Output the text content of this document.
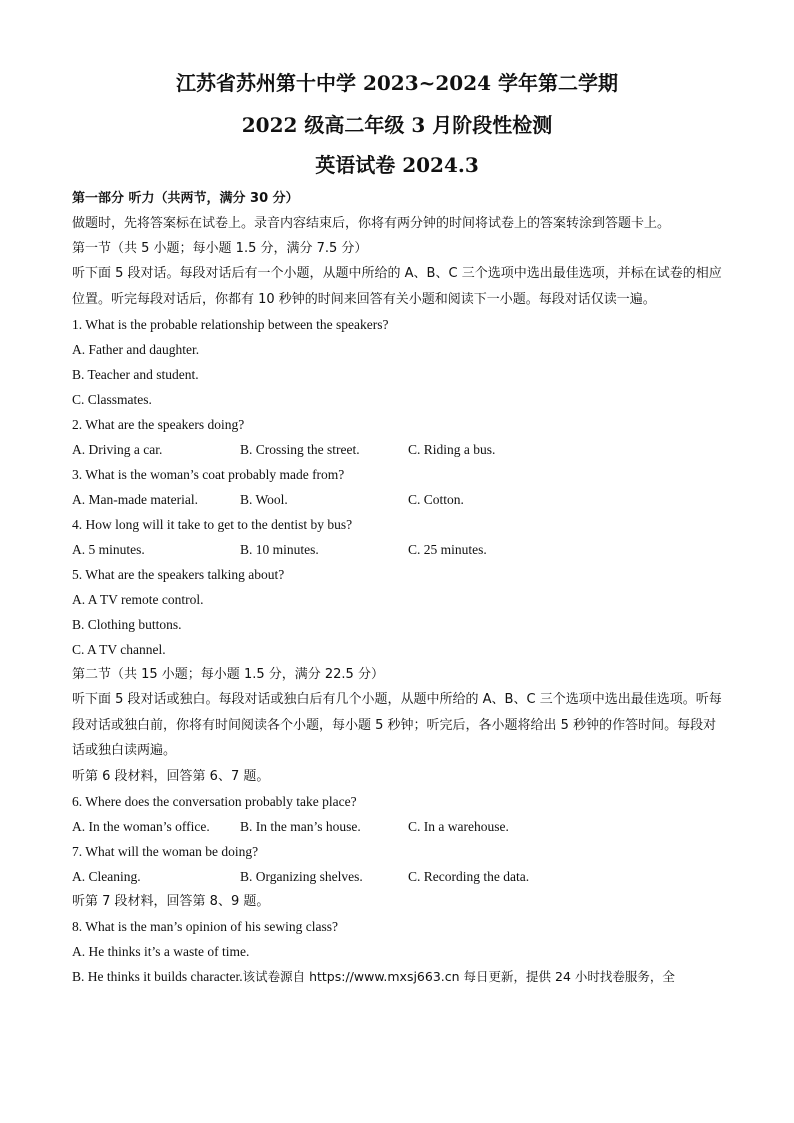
江苏省苏州第十中学 2023~2024 学年第二学期
2022 级高二年级 3 月阶段性检测
英语试卷 2024.3
第一部分 听力（共两节，满分 30 分）
做题时，先将答案标在试卷上。录音内容结束后，你将有两分钟的时间将试卷上的答案转涂到答题卡上。
第一节（共 5 小题；每小题 1.5 分，满分 7.5 分）

听下面 5 段对话。每段对话后有一个小题，从题中所给的 A、B、C 三个选项中选出最佳选项，并标在试卷的相应位置。听完每段对话后，你都有 10 秒钟的时间来回答有关小题和阅读下一小题。每段对话仅读一遍。

1. What is the probable relationship between the speakers?
A. Father and daughter.
B. Teacher and student.
C. Classmates.
2. What are the speakers doing?
A. Driving a car.	B. Crossing the street.	C. Riding a bus.
3. What is the woman’s coat probably made from?
A. Man-made material.	B. Wool.	C. Cotton.
4. How long will it take to get to the dentist by bus?
A. 5 minutes.	B. 10 minutes.	C. 25 minutes.
5. What are the speakers talking about?
A. A TV remote control.
B. Clothing buttons.
C. A TV channel.
第二节（共 15 小题；每小题 1.5 分，满分 22.5 分）

听下面 5 段对话或独白。每段对话或独白后有几个小题，从题中所给的 A、B、C 三个选项中选出最佳选项。听每段对话或独白前，你将有时间阅读各个小题，每小题 5 秒钟；听完后，各小题将给出 5 秒钟的作答时间。每段对话或独白读两遍。

听第 6 段材料，回答第 6、7 题。
6. Where does the conversation probably take place?
A. In the woman’s office.	B. In the man’s house.	C. In a warehouse.
7. What will the woman be doing?
A. Cleaning.	B. Organizing shelves.	C. Recording the data.
听第 7 段材料，回答第 8、9 题。
8. What is the man’s opinion of his sewing class?
A. He thinks it’s a waste of time.
B. He thinks it builds character.该试卷源自 https://www.mxsj663.cn 每日更新，提供 24 小时找卷服务，全
